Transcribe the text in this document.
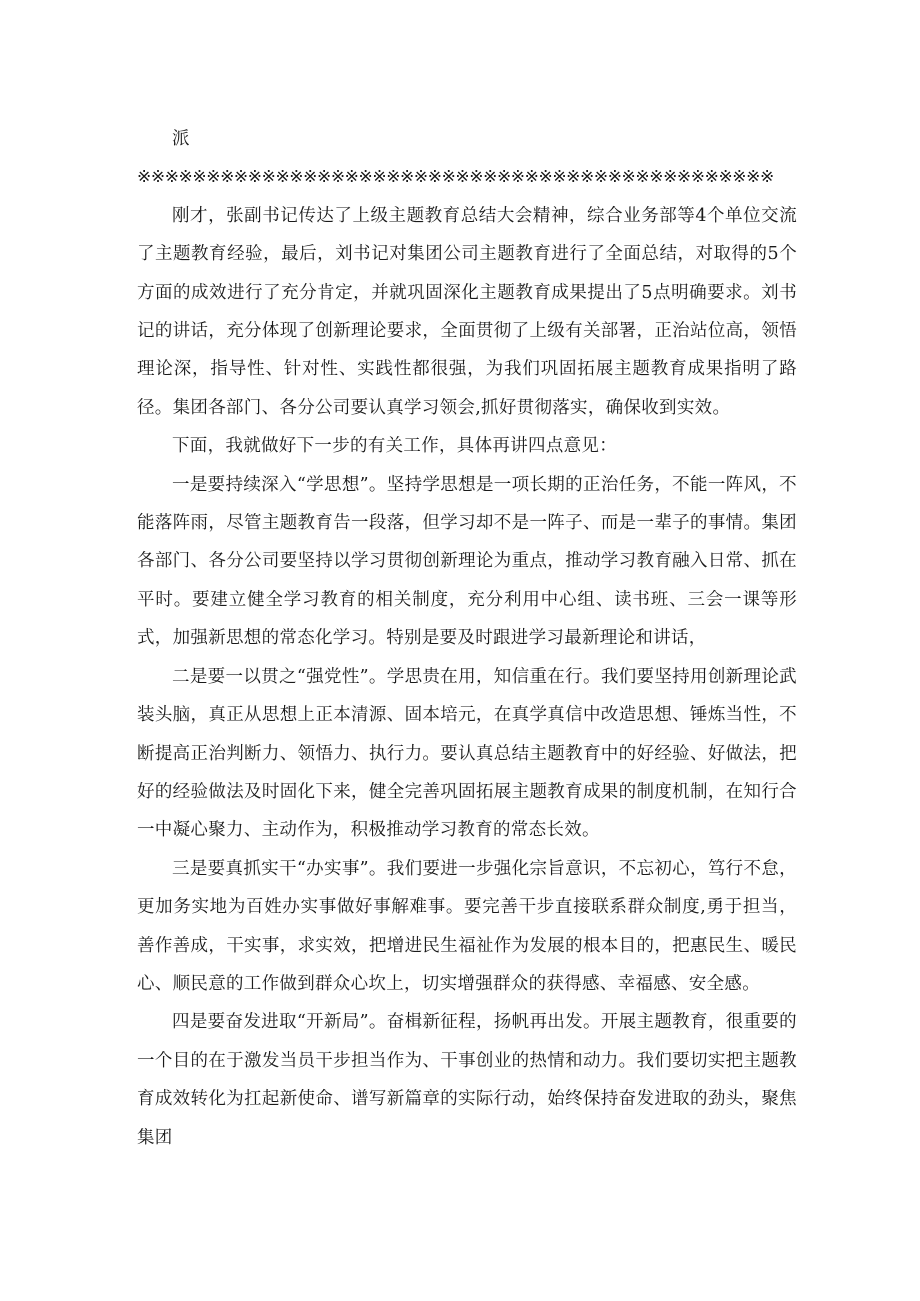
派

※※※※※※※※※※※※※※※※※※※※※※※※※※※※※※※※※※※※※※※※※※※※※※

刚才，张副书记传达了上级主题教育总结大会精神，综合业务部等4个单位交流了主题教育经验，最后，刘书记对集团公司主题教育进行了全面总结，对取得的5个方面的成效进行了充分肯定，并就巩固深化主题教育成果提出了5点明确要求。刘书记的讲话，充分体现了创新理论要求，全面贯彻了上级有关部署，正治站位高，领悟理论深，指导性、针对性、实践性都很强，为我们巩固拓展主题教育成果指明了路径。集团各部门、各分公司要认真学习领会,抓好贯彻落实，确保收到实效。

下面，我就做好下一步的有关工作，具体再讲四点意见：

一是要持续深入“学思想”。坚持学思想是一项长期的正治任务，不能一阵风，不能落阵雨，尽管主题教育告一段落，但学习却不是一阵子、而是一辈子的事情。集团各部门、各分公司要坚持以学习贯彻创新理论为重点，推动学习教育融入日常、抓在平时。要建立健全学习教育的相关制度，充分利用中心组、读书班、三会一课等形式，加强新思想的常态化学习。特别是要及时跟进学习最新理论和讲话，

二是要一以贯之“强党性”。学思贵在用，知信重在行。我们要坚持用创新理论武装头脑，真正从思想上正本清源、固本培元，在真学真信中改造思想、锤炼当性，不断提高正治判断力、领悟力、执行力。要认真总结主题教育中的好经验、好做法，把好的经验做法及时固化下来，健全完善巩固拓展主题教育成果的制度机制，在知行合一中凝心聚力、主动作为，积极推动学习教育的常态长效。

三是要真抓实干“办实事”。我们要进一步强化宗旨意识，不忘初心，笃行不怠，更加务实地为百姓办实事做好事解难事。要完善干步直接联系群众制度,勇于担当，善作善成，干实事，求实效，把增进民生福祉作为发展的根本目的，把惠民生、暖民心、顺民意的工作做到群众心坎上，切实增强群众的获得感、幸福感、安全感。

四是要奋发进取“开新局”。奋楫新征程，扬帆再出发。开展主题教育，很重要的一个目的在于激发当员干步担当作为、干事创业的热情和动力。我们要切实把主题教育成效转化为扛起新使命、谱写新篇章的实际行动，始终保持奋发进取的劲头，聚焦集团
